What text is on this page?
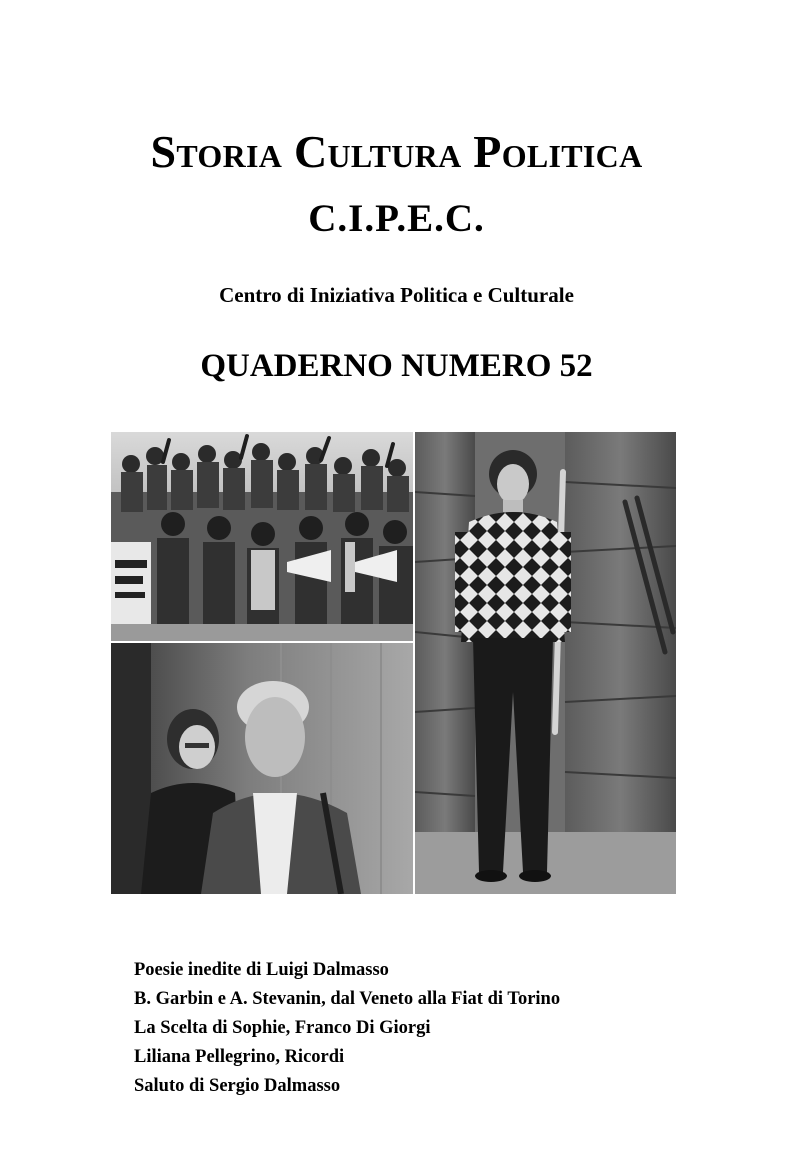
Storia Cultura Politica
C.I.P.E.C.
Centro di Iniziativa Politica e Culturale
QUADERNO NUMERO 52
Poesie inedite di Luigi Dalmasso
B. Garbin e A. Stevanin, dal Veneto alla Fiat di Torino
La Scelta di Sophie, Franco Di Giorgi
Liliana Pellegrino, Ricordi
Saluto di Sergio Dalmasso
